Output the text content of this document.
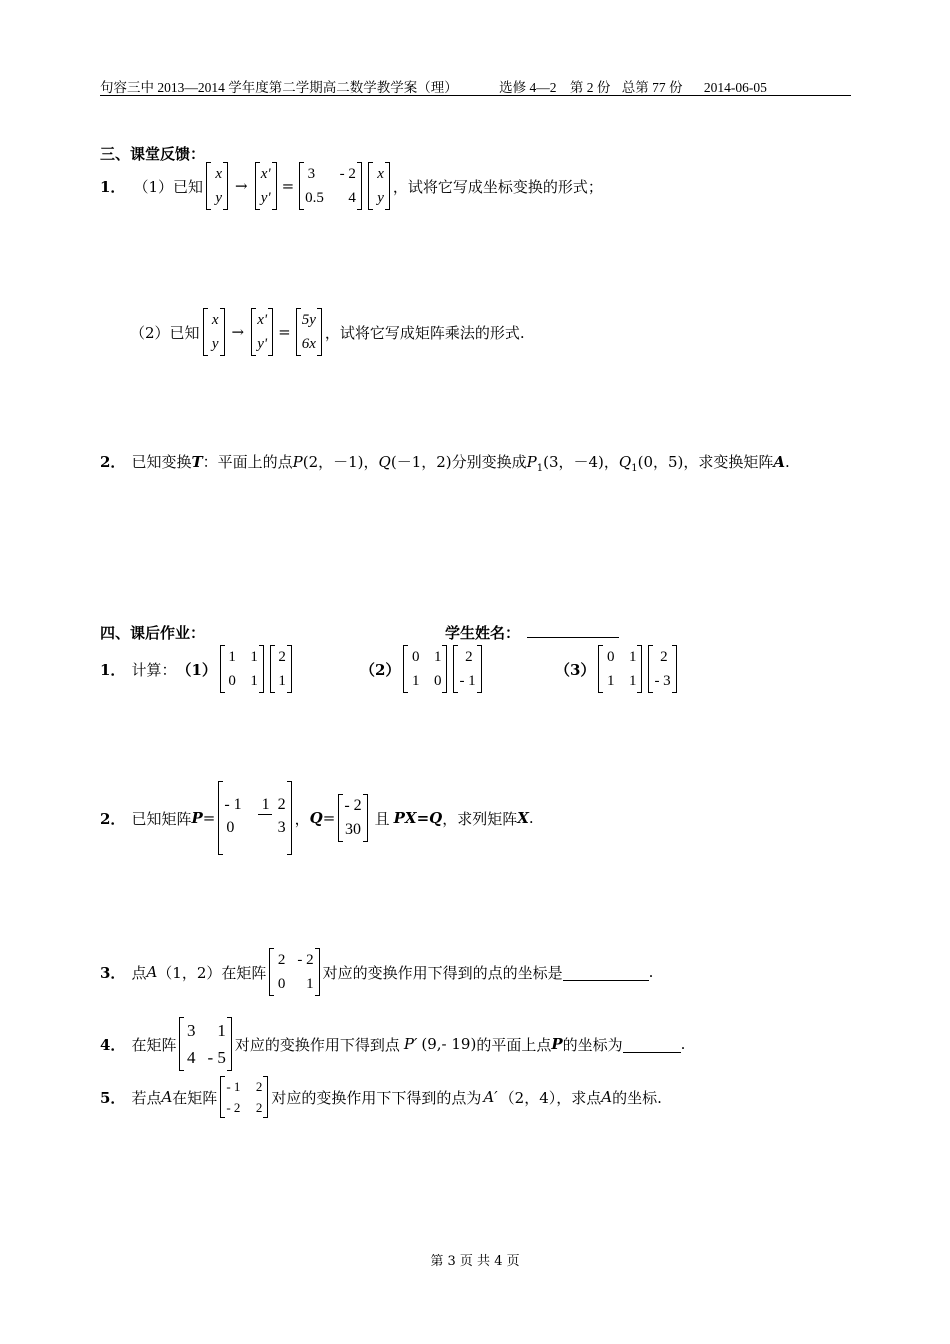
句容三中 2013—2014 学年度第二学期高二数学教学案（理）	选修 4—2 第 2 份 总第 77 份 2014-06-05
三、课堂反馈：
1． （1）已知
x
y
→
x'
y'
=
3 - 2
0.5 4
x
y
，试将它写成坐标变换的形式；
（2）已知
x
y
→
x'
y'
=
5y
6x
，试将它写成矩阵乘法的形式.
2． 已知变换T：平面上的点P(2，－1)，Q(－1，2)分别变换成$P_1(3$，－4)，$Q_1(0$，5)，求变换矩阵A.
四、课后作业：	学生姓名：
1． 计算： （1）
1 1
0 1
2
1
（2）
0 1
1 0
2
- 1
（3）
0 1
1 1
2
- 3
2． 已知矩阵 P =
- 1 1 2
0	3 ， Q =
- 2
30
且 PX = Q ，求列矩阵 X .
3． 点 A （1，2）在矩阵
2 - 2
0 1
对应的变换作用下得到的点的坐标是	.
4． 在矩阵
3 1
4 - 5
对应的变换作用下得到点 P′ (9,- 19) 的平面上点 P 的坐标为	.
5． 若点 A 在矩阵
- 1 2
- 2 2
对应的变换作用下下得到的点为 A′ （2，4），求点 A 的坐标.
第 3 页 共 4 页
